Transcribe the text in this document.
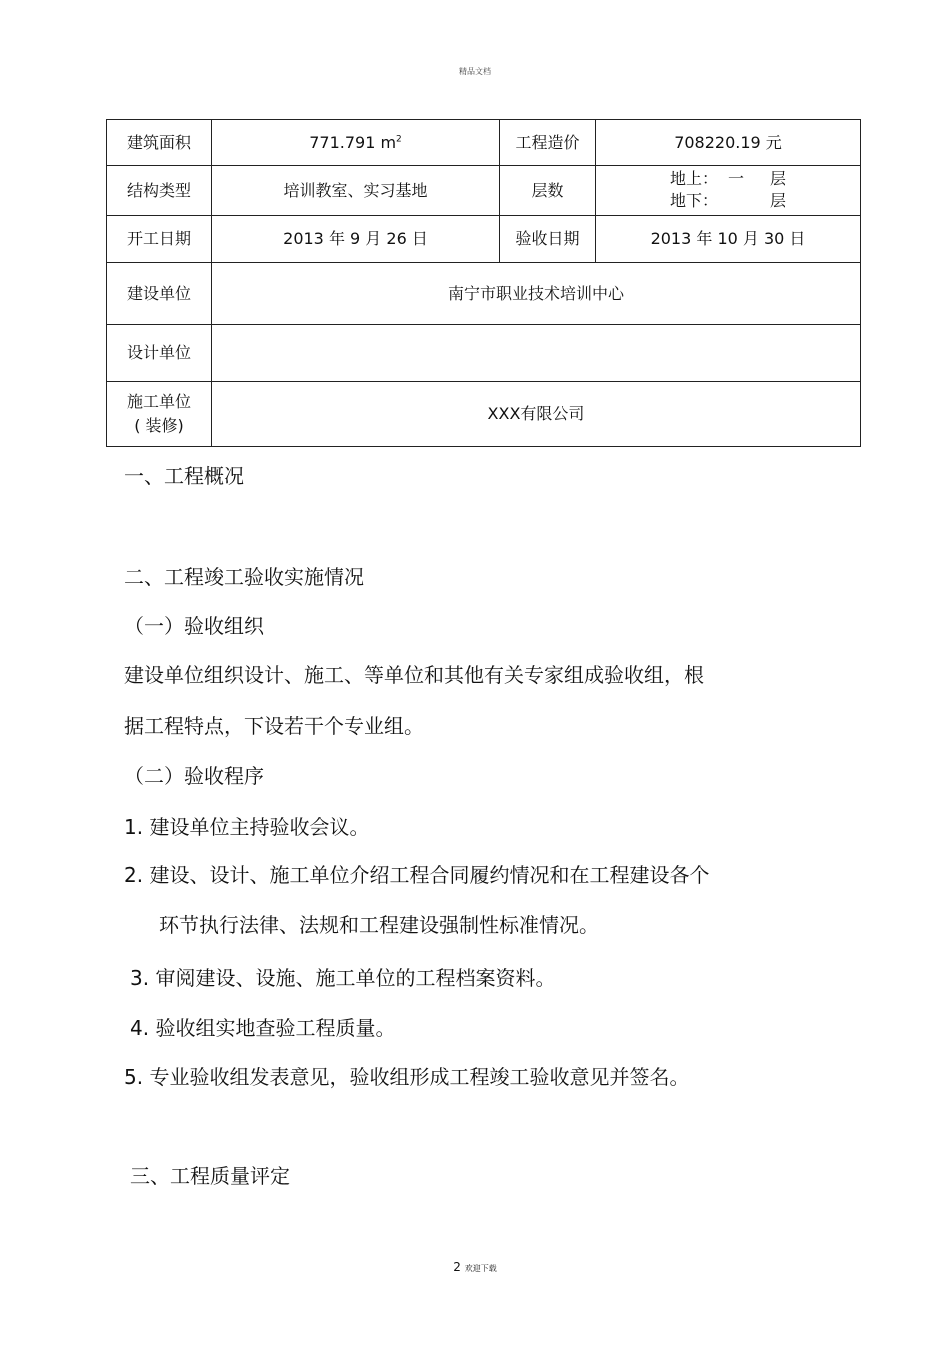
精品文档
建筑面积	771.791 $m^2$	工程造价	708220.19 元
结构类型	培训教室、实习基地	层数	地上： 一 层
地下： 层

开工日期	2013 年 9 月 26 日	验收日期	2013 年 10 月 30 日
建设单位	南宁市职业技术培训中心		
设计单位			

施工单位
( 装修)	XXX有限公司		
一、工程概况
二、工程竣工验收实施情况
（一）验收组织
建设单位组织设计、施工、等单位和其他有关专家组成验收组，根
据工程特点，下设若干个专业组。
（二）验收程序
1. 建设单位主持验收会议。
2. 建设、设计、施工单位介绍工程合同履约情况和在工程建设各个
环节执行法律、法规和工程建设强制性标准情况。
3. 审阅建设、设施、施工单位的工程档案资料。
4. 验收组实地查验工程质量。
5. 专业验收组发表意见，验收组形成工程竣工验收意见并签名。
三、工程质量评定
2 欢迎下载
